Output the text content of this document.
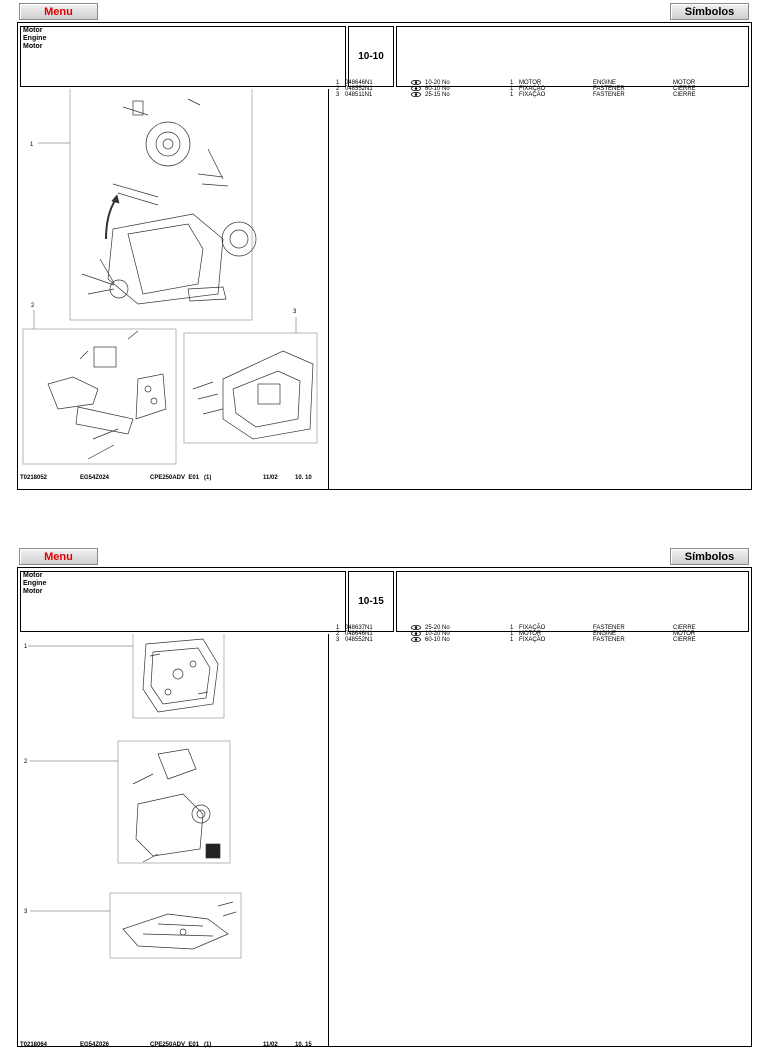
Menu	Símbolos
Motor
Engine
Motor
10-10
1
2
3
T0218052	EG54Z024	CPE250ADV  E01   (1)	11/02	10. 10
1 048646N1	10-20 No	1 MOTOR	ENGINE	MOTOR
2 048552N1	60-10 No	1 FIXAÇÃO	FASTENER	CIERRE
3 048511N1	25-15 No	1 FIXAÇÃO	FASTENER	CIERRE
Menu	Símbolos
Motor
Engine
Motor
10-15
1
2
3
T0218064	EG54Z026	CPE250ADV  E01   (1)	11/02	10. 15
1 048637N1	25-20 No	1 FIXAÇÃO	FASTENER	CIERRE
2 048646N1	10-20 No	1 MOTOR	ENGINE	MOTOR
3 048552N1	60-10 No	1 FIXAÇÃO	FASTENER	CIERRE
